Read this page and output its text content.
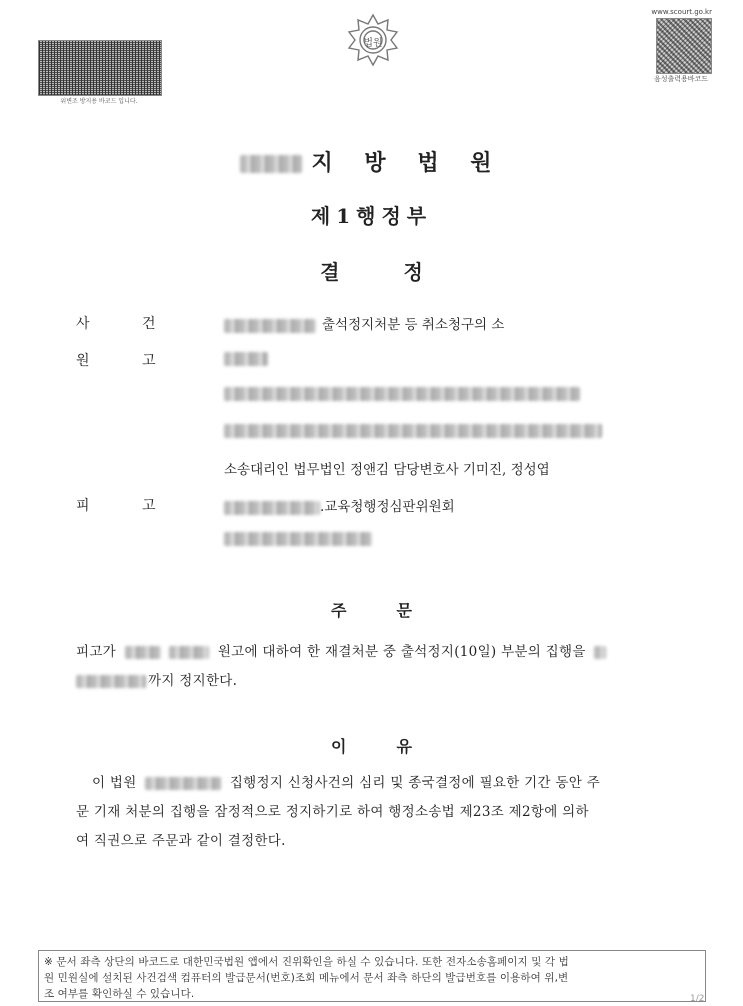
위변조 방지용 바코드 입니다.
www.scourt.go.kr
음성출력용바코드
법원
지 방 법 원
제1행정부
결정
사	건	출석정지처분 등 취소청구의 소
원	고
소송대리인 법무법인 정앤김 담당변호사 기미진, 정성엽
피	고	.교육청행정심판위원회
주문
피고가	원고에 대하여 한 재결처분 중 출석정지(10일) 부분의 집행을
까지 정지한다.
이유
이 법원	집행정지 신청사건의 심리 및 종국결정에 필요한 기간 동안 주
문 기재 처분의 집행을 잠정적으로 정지하기로 하여 행정소송법 제23조 제2항에 의하
여 직권으로 주문과 같이 결정한다.
※ 문서 좌측 상단의 바코드로 대한민국법원 앱에서 진위확인을 하실 수 있습니다. 또한 전자소송홈페이지 및 각 법
원 민원실에 설치된 사건검색 컴퓨터의 발급문서(번호)조회 메뉴에서 문서 좌측 하단의 발급번호를 이용하여 위,변
조 여부를 확인하실 수 있습니다.	1/2
